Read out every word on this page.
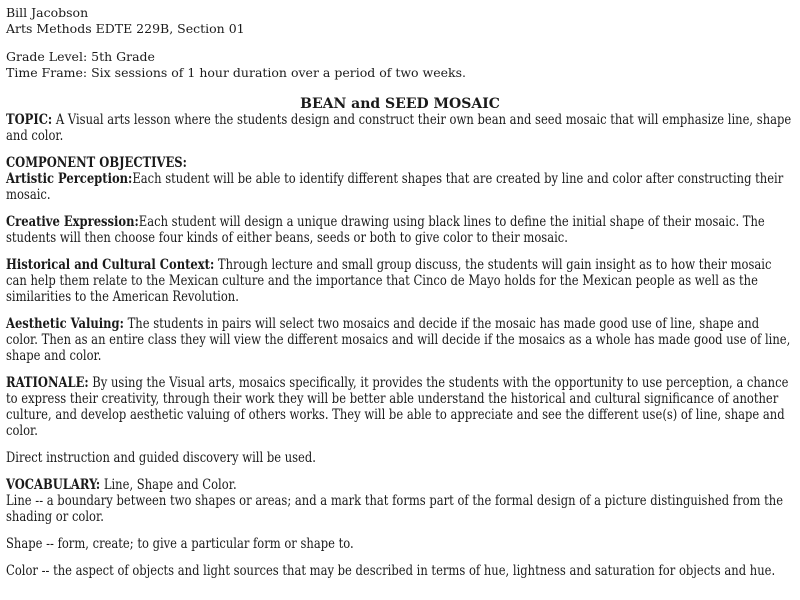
Bill Jacobson

Arts Methods EDTE 229B, Section 01

Grade Level: 5th Grade

Time Frame: Six sessions of 1 hour duration over a period of two weeks.

BEAN and SEED MOSAIC

TOPIC: A Visual arts lesson where the students design and construct their own bean and seed mosaic that will emphasize line, shape and color.

COMPONENT OBJECTIVES:

Artistic Perception:Each student will be able to identify different shapes that are created by line and color after constructing their mosaic.

Creative Expression:Each student will design a unique drawing using black lines to define the initial shape of their mosaic. The students will then choose four kinds of either beans, seeds or both to give color to their mosaic.

Historical and Cultural Context: Through lecture and small group discuss, the students will gain insight as to how their mosaic can help them relate to the Mexican culture and the importance that Cinco de Mayo holds for the Mexican people as well as the similarities to the American Revolution.

Aesthetic Valuing: The students in pairs will select two mosaics and decide if the mosaic has made good use of line, shape and color. Then as an entire class they will view the different mosaics and will decide if the mosaics as a whole has made good use of line, shape and color.

RATIONALE: By using the Visual arts, mosaics specifically, it provides the students with the opportunity to use perception, a chance to express their creativity, through their work they will be better able understand the historical and cultural significance of another culture, and develop aesthetic valuing of others works. They will be able to appreciate and see the different use(s) of line, shape and color.

Direct instruction and guided discovery will be used.

VOCABULARY: Line, Shape and Color.

Line -- a boundary between two shapes or areas; and a mark that forms part of the formal design of a picture distinguished from the shading or color.

Shape -- form, create; to give a particular form or shape to.

Color -- the aspect of objects and light sources that may be described in terms of hue, lightness and saturation for objects and hue.
